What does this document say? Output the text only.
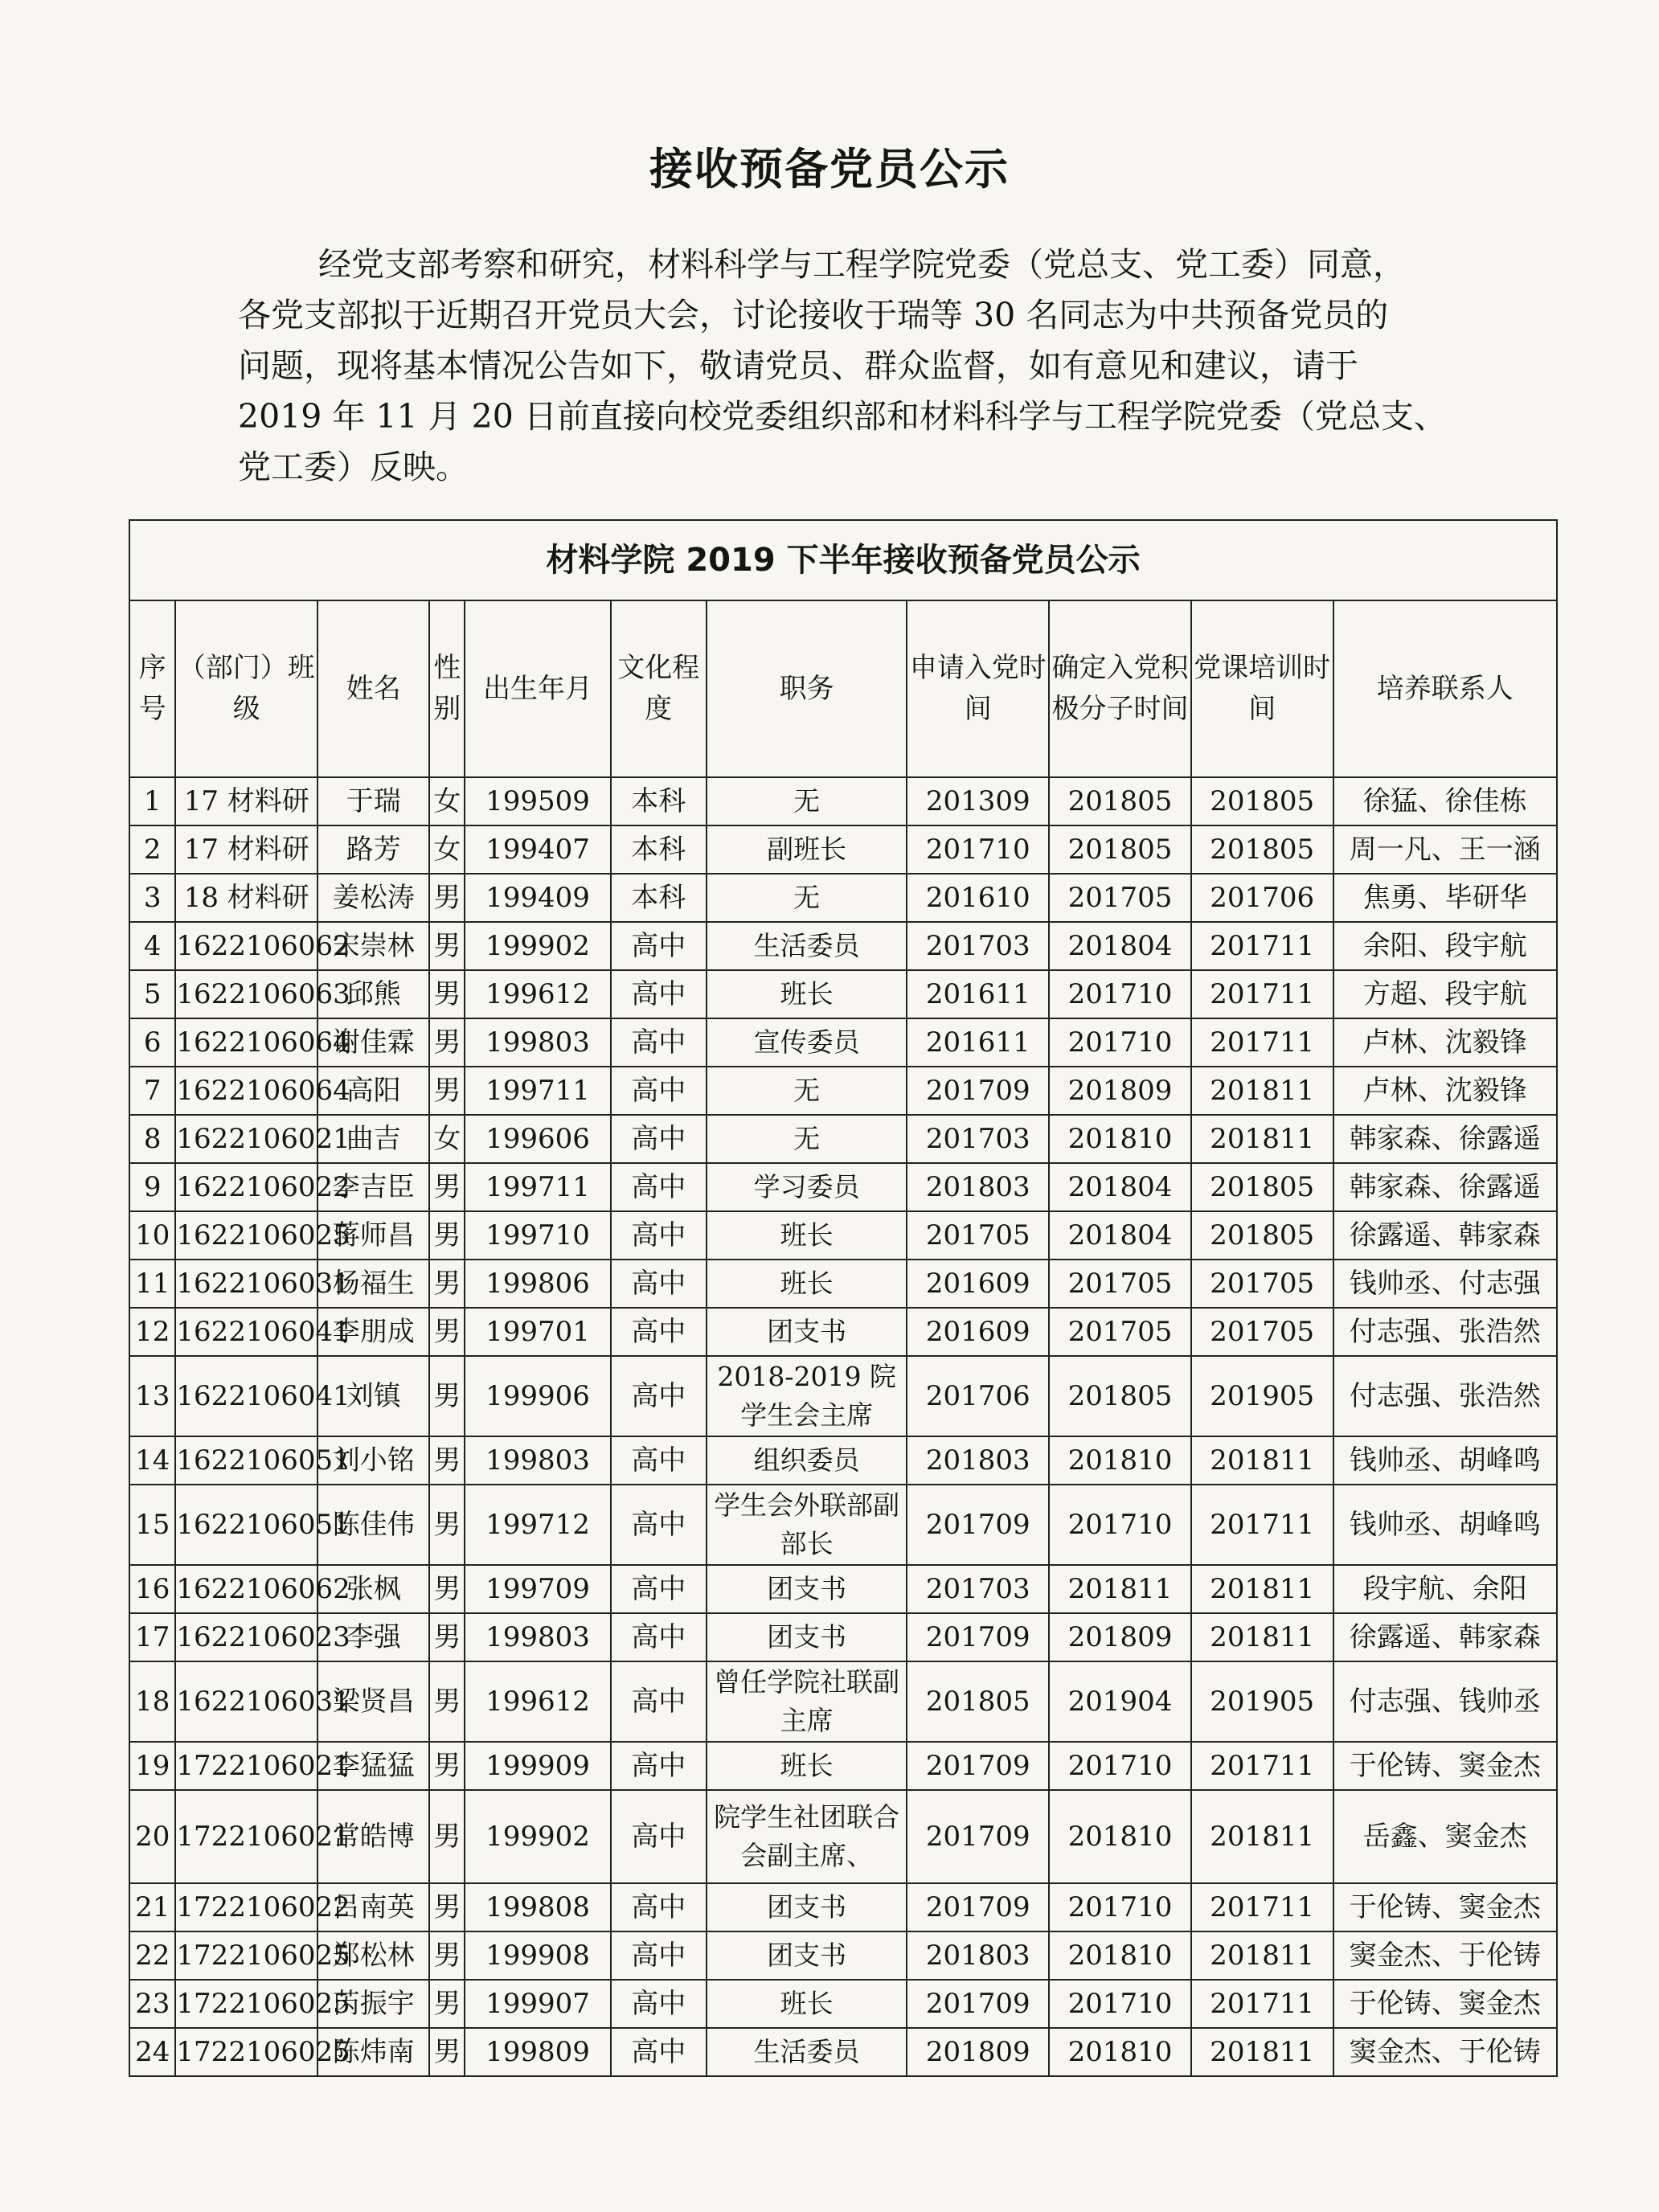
接收预备党员公示

经党支部考察和研究，材料科学与工程学院党委（党总支、党工委）同意，

各党支部拟于近期召开党员大会，讨论接收于瑞等 30 名同志为中共预备党员的

问题，现将基本情况公告如下，敬请党员、群众监督，如有意见和建议，请于

2019 年 11 月 20 日前直接向校党委组织部和材料科学与工程学院党委（党总支、

党工委）反映。

材料学院 2019 下半年接收预备党员公示										
序号	（部门）班级	姓名	性别	出生年月	文化程度	职务	申请入党时间	确定入党积极分子时间	党课培训时间	培养联系人
1	17 材料研	于瑞	女	199509	本科	无	201309	201805	201805	徐猛、徐佳栋
2	17 材料研	路芳	女	199407	本科	副班长	201710	201805	201805	周一凡、王一涵
3	18 材料研	姜松涛	男	199409	本科	无	201610	201705	201706	焦勇、毕研华
4	1622106062	宋崇林	男	199902	高中	生活委员	201703	201804	201711	余阳、段宇航
5	1622106063	邱熊	男	199612	高中	班长	201611	201710	201711	方超、段宇航
6	1622106064	谢佳霖	男	199803	高中	宣传委员	201611	201710	201711	卢林、沈毅锋
7	1622106064	高阳	男	199711	高中	无	201709	201809	201811	卢林、沈毅锋
8	1622106021	曲吉	女	199606	高中	无	201703	201810	201811	韩家森、徐露遥
9	1622106022	李吉臣	男	199711	高中	学习委员	201803	201804	201805	韩家森、徐露遥
10	1622106025	蒋师昌	男	199710	高中	班长	201705	201804	201805	徐露遥、韩家森
11	1622106031	杨福生	男	199806	高中	班长	201609	201705	201705	钱帅丞、付志强
12	1622106041	李朋成	男	199701	高中	团支书	201609	201705	201705	付志强、张浩然
13	1622106041	刘镇	男	199906	高中	2018-2019 院学生会主席	201706	201805	201905	付志强、张浩然
14	1622106051	刘小铭	男	199803	高中	组织委员	201803	201810	201811	钱帅丞、胡峰鸣
15	1622106051	陈佳伟	男	199712	高中	学生会外联部副部长	201709	201710	201711	钱帅丞、胡峰鸣
16	1622106062	张枫	男	199709	高中	团支书	201703	201811	201811	段宇航、余阳
17	1622106023	李强	男	199803	高中	团支书	201709	201809	201811	徐露遥、韩家森
18	1622106031	梁贤昌	男	199612	高中	曾任学院社联副主席	201805	201904	201905	付志强、钱帅丞
19	1722106021	李猛猛	男	199909	高中	班长	201709	201710	201711	于伦铸、窦金杰
20	1722106021	常皓博	男	199902	高中	院学生社团联合会副主席、	201709	201810	201811	岳鑫、窦金杰
21	1722106022	吕南英	男	199808	高中	团支书	201709	201710	201711	于伦铸、窦金杰
22	1722106025	郑松林	男	199908	高中	团支书	201803	201810	201811	窦金杰、于伦铸
23	1722106025	芮振宇	男	199907	高中	班长	201709	201710	201711	于伦铸、窦金杰
24	1722106025	陈炜南	男	199809	高中	生活委员	201809	201810	201811	窦金杰、于伦铸
